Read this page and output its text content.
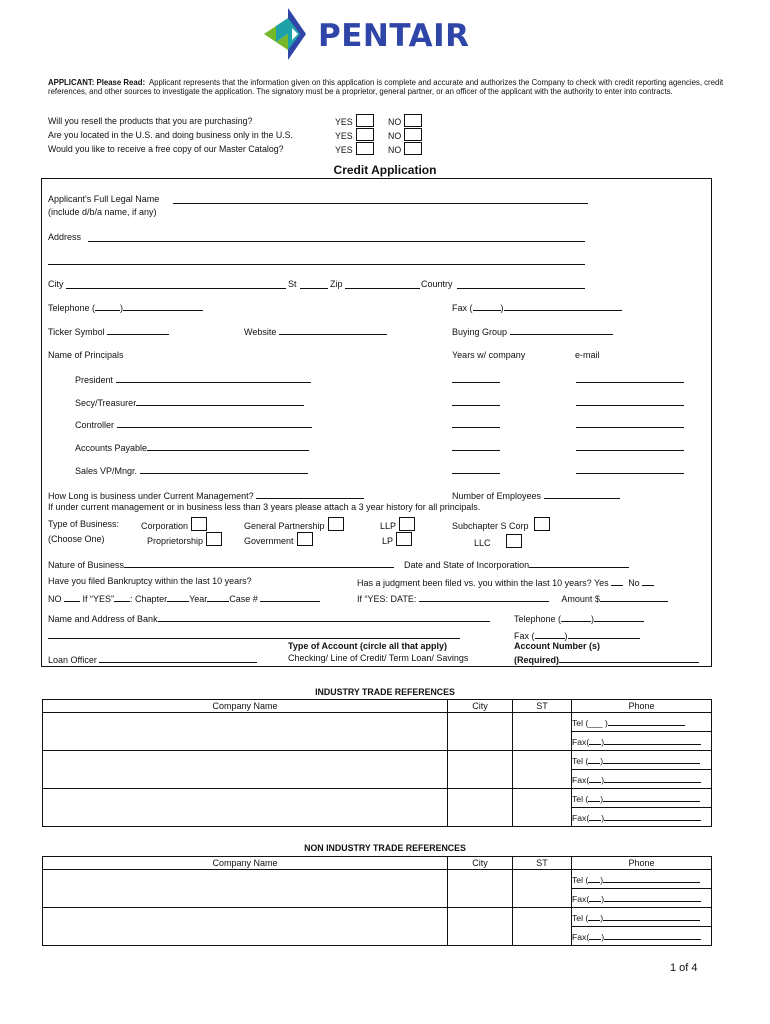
PENTAIR
APPLICANT: Please Read: Applicant represents that the information given on this application is complete and accurate and authorizes the Company to check with credit reporting agencies, credit references, and other sources to investigate the application. The signatory must be a proprietor, general partner, or an officer of the applicant with the authority to enter into contracts.
Will you resell the products that you are purchasing?	YES	NO
Are you located in the U.S. and doing business only in the U.S.	YES	NO
Would you like to receive a free copy of our Master Catalog?	YES	NO
Credit Application
Applicant's Full Legal Name
(include d/b/a name, if any)
Address
City	St	Zip	Country
Telephone (	)	Fax (	)
Ticker Symbol	Website	Buying Group
Name of Principals	Years w/ company	e-mail
President
Secy/Treasurer
Controller
Accounts Payable
Sales VP/Mngr.
How Long is business under Current Management?	Number of Employees
If under current management or in business less than 3 years please attach a 3 year history for all principals.
Type of Business:
(Choose One)
Corporation
Proprietorship
General Partnership
Government
LLP
LP
Subchapter S Corp
LLC
Nature of Business	Date and State of Incorporation
Have you filed Bankruptcy within the last 10 years?	Has a judgment been filed vs. you within the last 10 years? Yes No
NO If “YES” : Chapter Year Case #	If “YES: DATE:	Amount $
Name and Address of Bank	Telephone (	)
Fax (	)
Type of Account (circle all that apply)	Account Number (s)
Loan Officer	Checking/ Line of Credit/ Term Loan/ Savings	(Required)
INDUSTRY TRADE REFERENCES
Company Name	City	ST	Phone
			Tel (___ )
			Fax( )
			Tel ( )
			Fax( )
			Tel ( )
			Fax( )
NON INDUSTRY TRADE REFERENCES
Company Name	City	ST	Phone
			Tel ( )
			Fax( )
			Tel ( )
			Fax( )
1 of 4
